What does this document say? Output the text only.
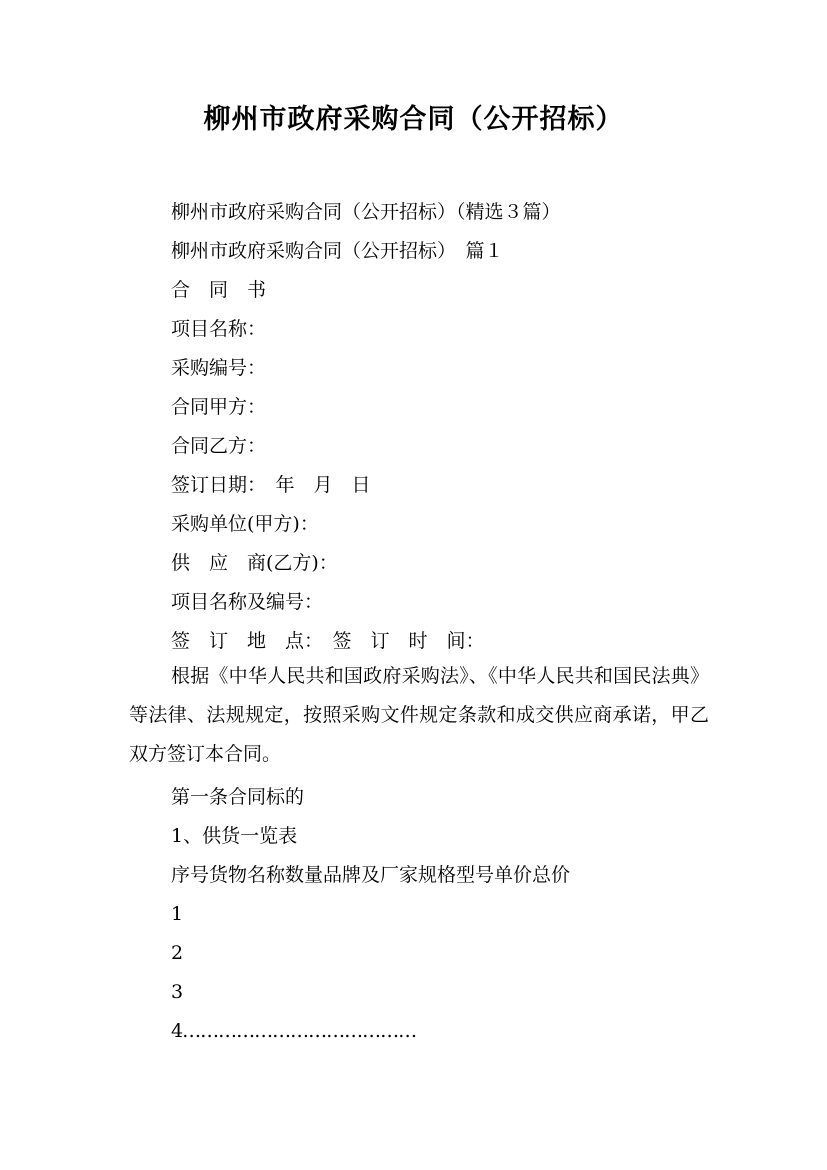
柳州市政府采购合同（公开招标）
柳州市政府采购合同（公开招标）（精选３篇）
柳州市政府采购合同（公开招标）　篇１
合　同　书
项目名称：
采购编号：
合同甲方：
合同乙方：
签订日期：　年　月　日
采购单位(甲方)：
供　应　商(乙方)：
项目名称及编号：
签　订　地　点：　签　订　时　间：
根据《中华人民共和国政府采购法》、《中华人民共和国民法典》等法律、法规规定，按照采购文件规定条款和成交供应商承诺，甲乙双方签订本合同。
第一条合同标的
1、供货一览表
序号货物名称数量品牌及厂家规格型号单价总价
1
2
3
4…………………………………
